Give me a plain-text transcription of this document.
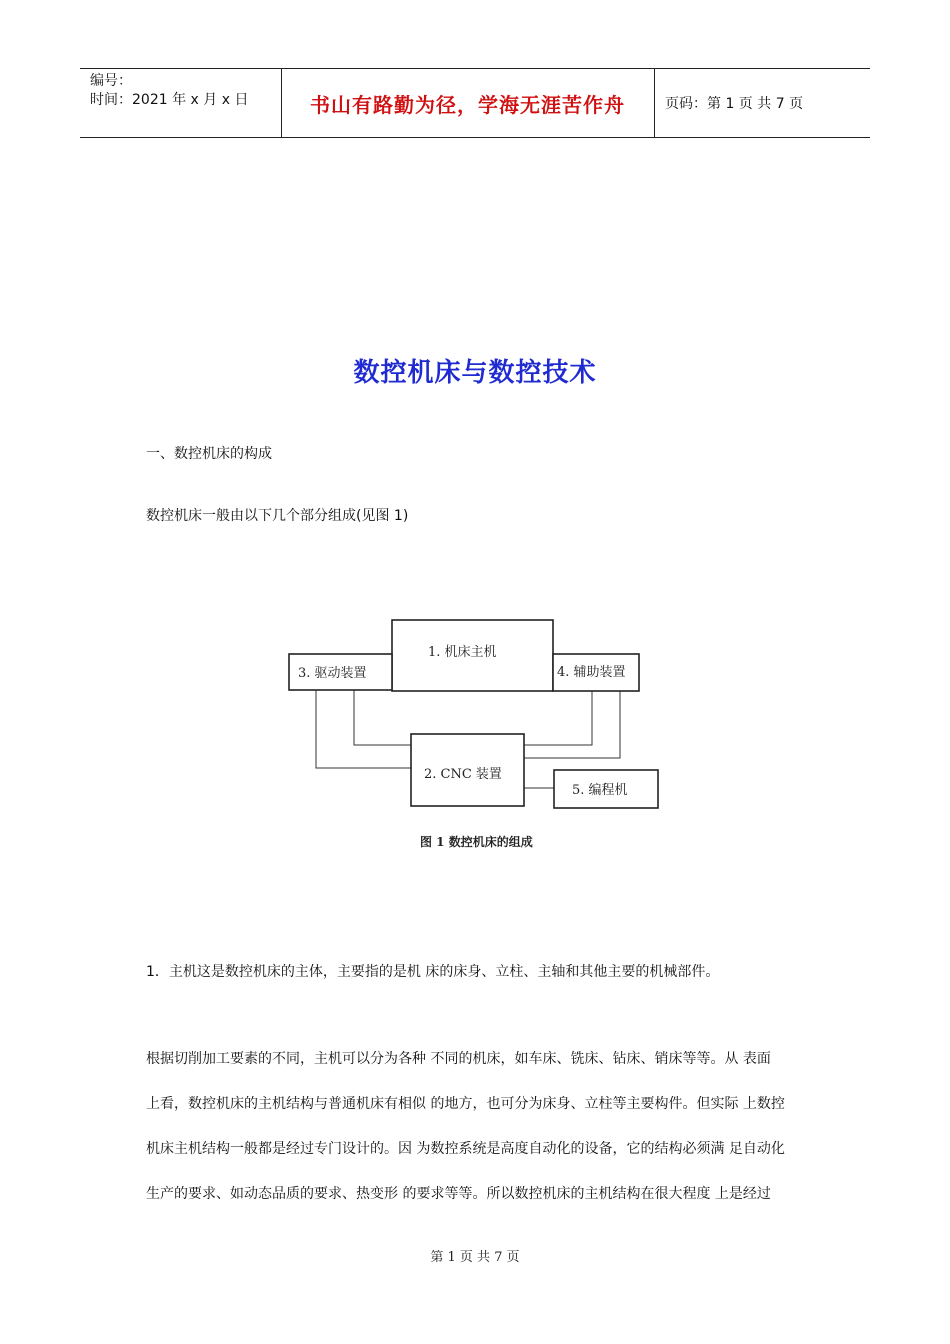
编号：
时间：2021 年 x 月 x 日	书山有路勤为径，学海无涯苦作舟	页码：第 1 页 共 7 页
数控机床与数控技术
一、数控机床的构成
数控机床一般由以下几个部分组成(见图 1)
1. 机床主机
3. 驱动装置	4. 辅助装置
2. CNC 装置
5. 编程机
图 1 数控机床的组成
1．主机这是数控机床的主体，主要指的是机 床的床身、立柱、主轴和其他主要的机械部件。
根据切削加工要素的不同，主机可以分为各种 不同的机床，如车床、铣床、钻床、销床等等。从 表面
上看，数控机床的主机结构与普通机床有相似 的地方，也可分为床身、立柱等主要构件。但实际 上数控
机床主机结构一般都是经过专门设计的。因 为数控系统是高度自动化的设备，它的结构必须满 足自动化
生产的要求、如动态品质的要求、热变形 的要求等等。所以数控机床的主机结构在很大程度 上是经过
第 1 页 共 7 页
